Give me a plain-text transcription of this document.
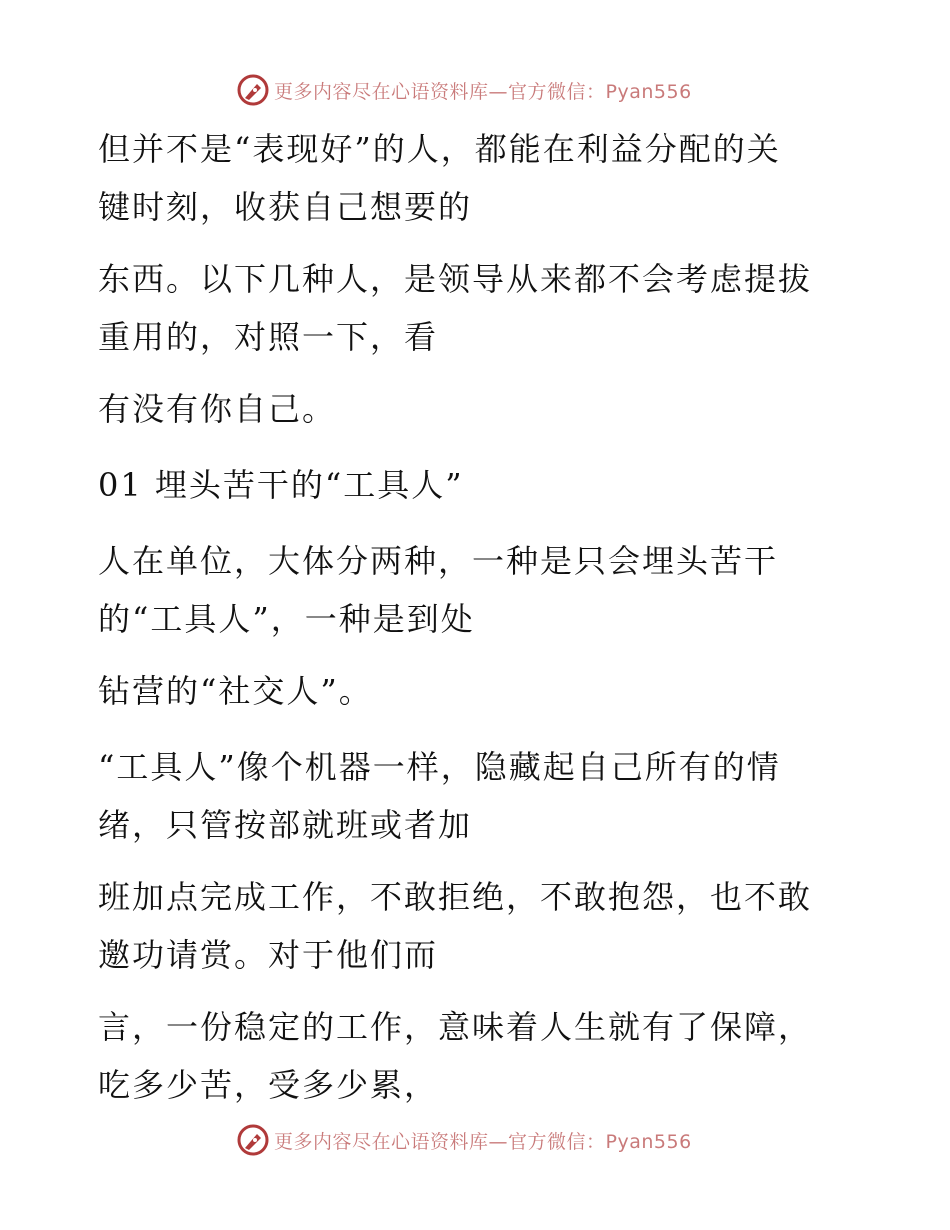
更多内容尽在心语资料库—官方微信：Pyan556
但并不是“表现好”的人，都能在利益分配的关
键时刻，收获自己想要的
东西。以下几种人，是领导从来都不会考虑提拔
重用的，对照一下，看
有没有你自己。
01 埋头苦干的“工具人”
人在单位，大体分两种，一种是只会埋头苦干
的“工具人”，一种是到处
钻营的“社交人”。
“工具人”像个机器一样，隐藏起自己所有的情
绪，只管按部就班或者加
班加点完成工作，不敢拒绝，不敢抱怨，也不敢
邀功请赏。对于他们而
言，一份稳定的工作，意味着人生就有了保障，
吃多少苦，受多少累，
更多内容尽在心语资料库—官方微信：Pyan556
